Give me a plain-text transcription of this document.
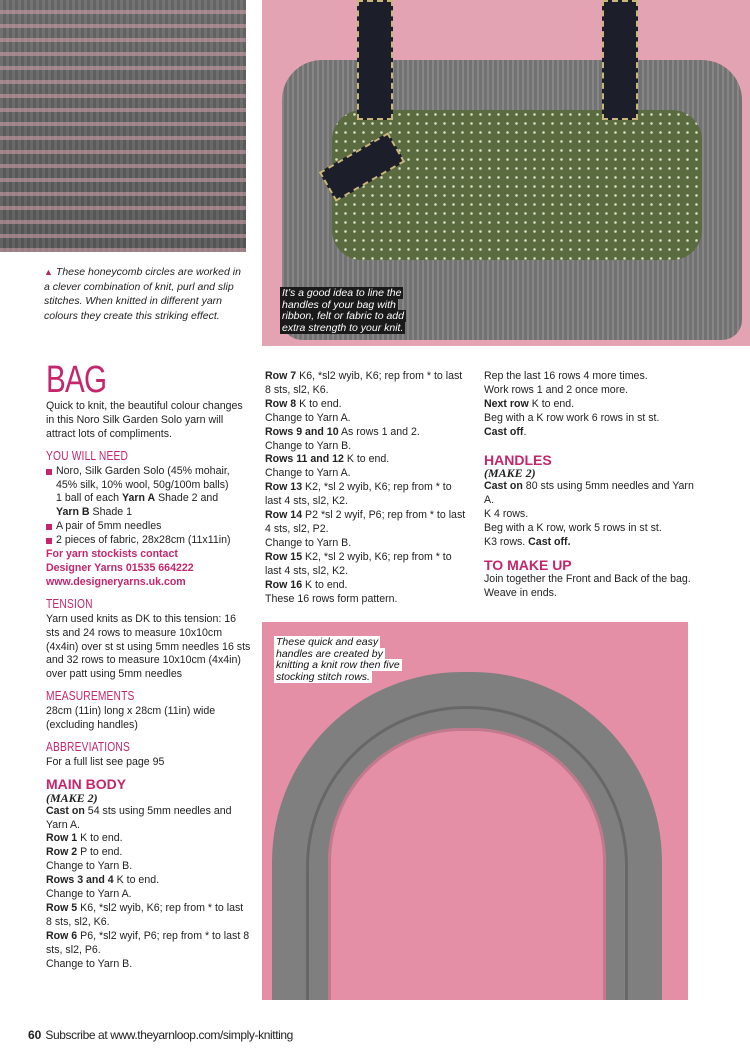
▲ These honeycomb circles are worked in a clever combination of knit, purl and slip stitches. When knitted in different yarn colours they create this striking effect.
It’s a good idea to line the handles of your bag with ribbon, felt or fabric to add extra strength to your knit.
These quick and easy handles are created by knitting a knit row then five stocking stitch rows.
BAG
Quick to knit, the beautiful colour changes in this Noro Silk Garden Solo yarn will attract lots of compliments.
YOU WILL NEED
Noro, Silk Garden Solo (45% mohair, 45% silk, 10% wool, 50g/100m balls)
1 ball of each Yarn A Shade 2 and
Yarn B Shade 1
A pair of 5mm needles
2 pieces of fabric, 28x28cm (11x11in)
For yarn stockists contact
Designer Yarns 01535 664222
www.designeryarns.uk.com
TENSION
Yarn used knits as DK to this tension: 16 sts and 24 rows to measure 10x10cm (4x4in) over st st using 5mm needles 16 sts and 32 rows to measure 10x10cm (4x4in) over patt using 5mm needles
MEASUREMENTS
28cm (11in) long x 28cm (11in) wide (excluding handles)
ABBREVIATIONS
For a full list see page 95
MAIN BODY
(MAKE 2)
Cast on 54 sts using 5mm needles and Yarn A.
Row 1 K to end.
Row 2 P to end.
Change to Yarn B.
Rows 3 and 4 K to end.
Change to Yarn A.
Row 5 K6, *sl2 wyib, K6; rep from * to last 8 sts, sl2, K6.
Row 6 P6, *sl2 wyif, P6; rep from * to last 8 sts, sl2, P6.
Change to Yarn B.
Row 7 K6, *sl2 wyib, K6; rep from * to last 8 sts, sl2, K6.
Row 8 K to end.
Change to Yarn A.
Rows 9 and 10 As rows 1 and 2.
Change to Yarn B.
Rows 11 and 12 K to end.
Change to Yarn A.
Row 13 K2, *sl 2 wyib, K6; rep from * to last 4 sts, sl2, K2.
Row 14 P2 *sl 2 wyif, P6; rep from * to last 4 sts, sl2, P2.
Change to Yarn B.
Row 15 K2, *sl 2 wyib, K6; rep from * to last 4 sts, sl2, K2.
Row 16 K to end.
These 16 rows form pattern.
Rep the last 16 rows 4 more times.
Work rows 1 and 2 once more.
Next row K to end.
Beg with a K row work 6 rows in st st.
Cast off.
HANDLES
(MAKE 2)
Cast on 80 sts using 5mm needles and Yarn A.
K 4 rows.
Beg with a K row, work 5 rows in st st.
K3 rows. Cast off.
TO MAKE UP
Join together the Front and Back of the bag. Weave in ends.
60 Subscribe at www.theyarnloop.com/simply-knitting
